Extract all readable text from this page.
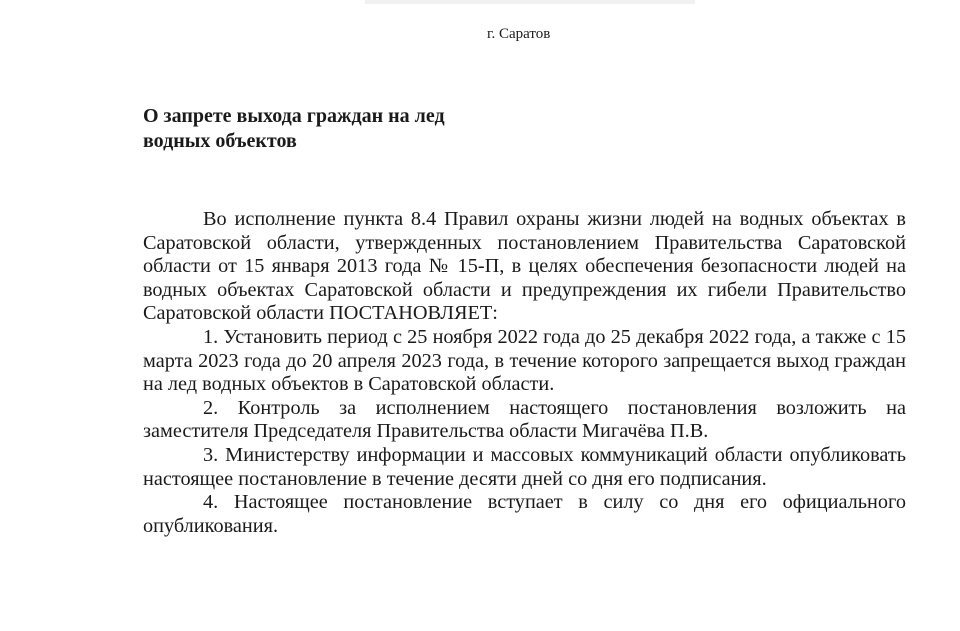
г. Саратов
О запрете выхода граждан на лед
водных объектов

Во исполнение пункта 8.4 Правил охраны жизни людей на водных объектах в Саратовской области, утвержденных постановлением Правительства Саратовской области от 15 января 2013 года № 15-П, в целях обеспечения безопасности людей на водных объектах Саратовской области и предупреждения их гибели Правительство Саратовской области ПОСТАНОВЛЯЕТ:

1. Установить период с 25 ноября 2022 года до 25 декабря 2022 года, а также с 15 марта 2023 года до 20 апреля 2023 года, в течение которого запрещается выход граждан на лед водных объектов в Саратовской области.

2. Контроль за исполнением настоящего постановления возложить на заместителя Председателя Правительства области Мигачёва П.В.

3. Министерству информации и массовых коммуникаций области опубликовать настоящее постановление в течение десяти дней со дня его подписания.

4. Настоящее постановление вступает в силу со дня его официального опубликования.
